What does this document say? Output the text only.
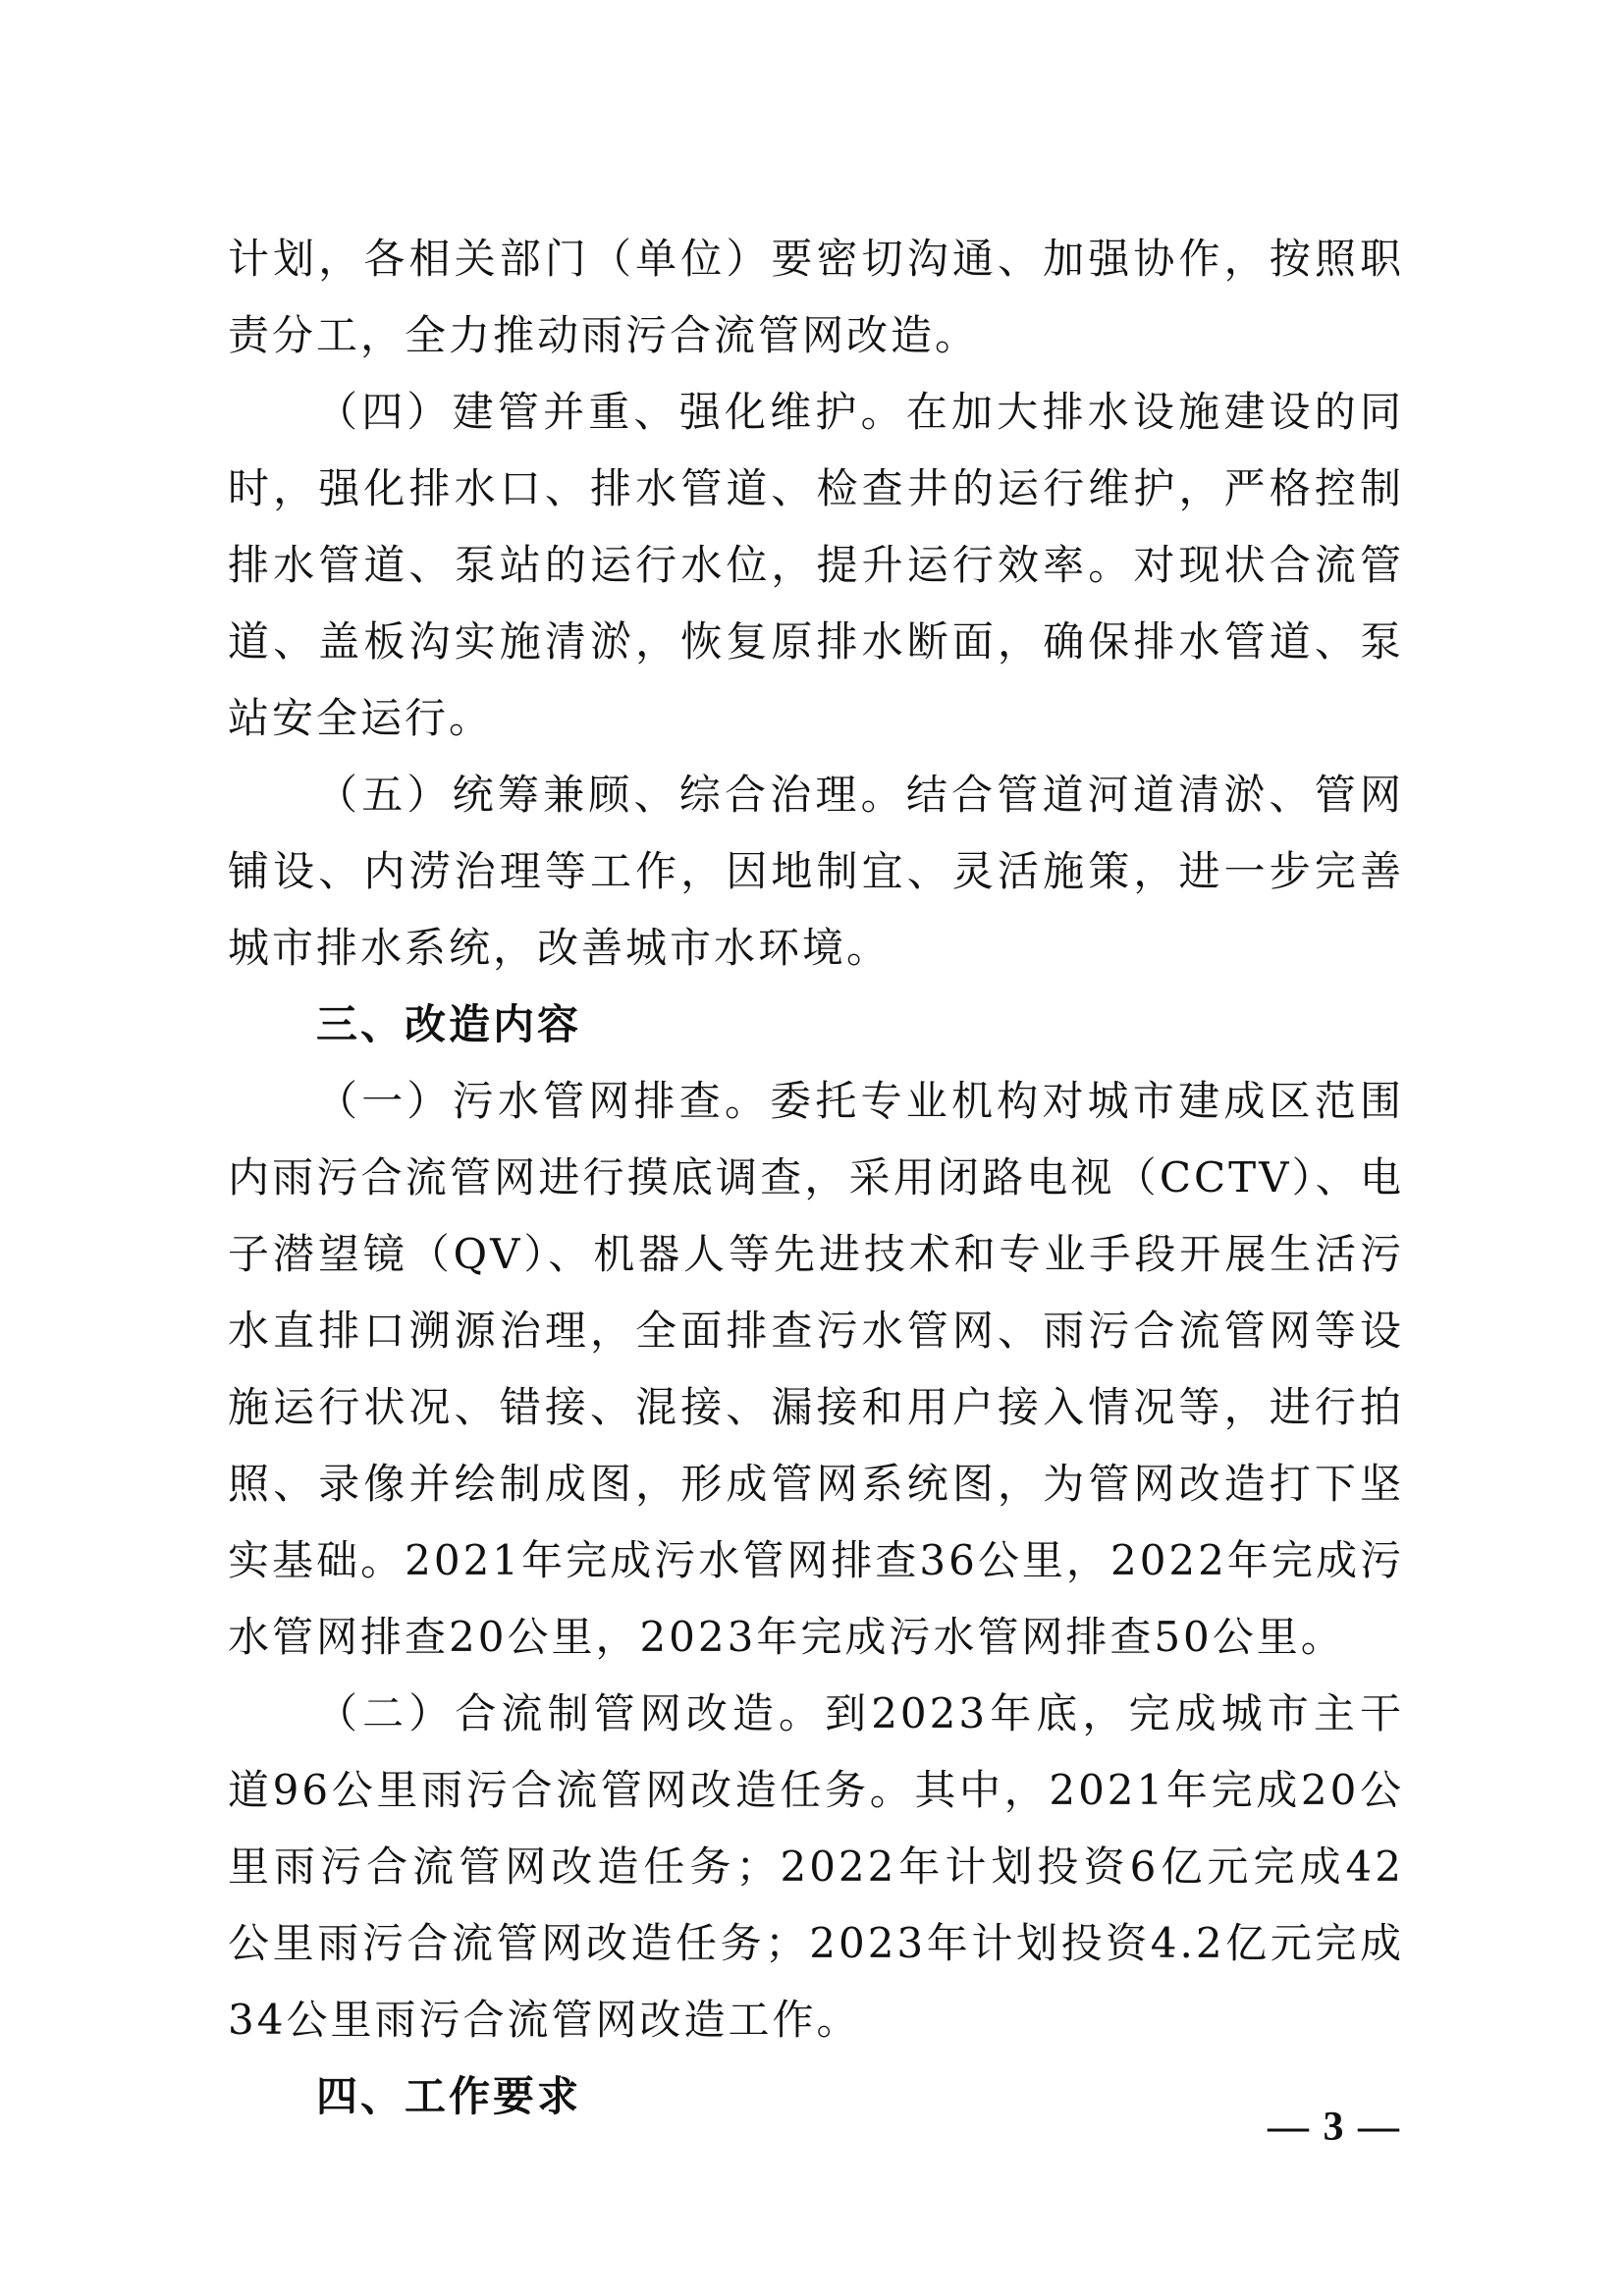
计划，各相关部门（单位）要密切沟通、加强协作，按照职责分工，全力推动雨污合流管网改造。

（四）建管并重、强化维护。在加大排水设施建设的同时，强化排水口、排水管道、检查井的运行维护，严格控制排水管道、泵站的运行水位，提升运行效率。对现状合流管道、盖板沟实施清淤，恢复原排水断面，确保排水管道、泵站安全运行。

（五）统筹兼顾、综合治理。结合管道河道清淤、管网铺设、内涝治理等工作，因地制宜、灵活施策，进一步完善城市排水系统，改善城市水环境。

三、改造内容

（一）污水管网排查。委托专业机构对城市建成区范围内雨污合流管网进行摸底调查，采用闭路电视（CCTV）、电子潜望镜（QV）、机器人等先进技术和专业手段开展生活污水直排口溯源治理，全面排查污水管网、雨污合流管网等设施运行状况、错接、混接、漏接和用户接入情况等，进行拍照、录像并绘制成图，形成管网系统图，为管网改造打下坚实基础。2021年完成污水管网排查36公里，2022年完成污水管网排查20公里，2023年完成污水管网排查50公里。

（二）合流制管网改造。到2023年底，完成城市主干道96公里雨污合流管网改造任务。其中，2021年完成20公里雨污合流管网改造任务；2022年计划投资6亿元完成42公里雨污合流管网改造任务；2023年计划投资4.2亿元完成34公里雨污合流管网改造工作。

四、工作要求
— 3 —
